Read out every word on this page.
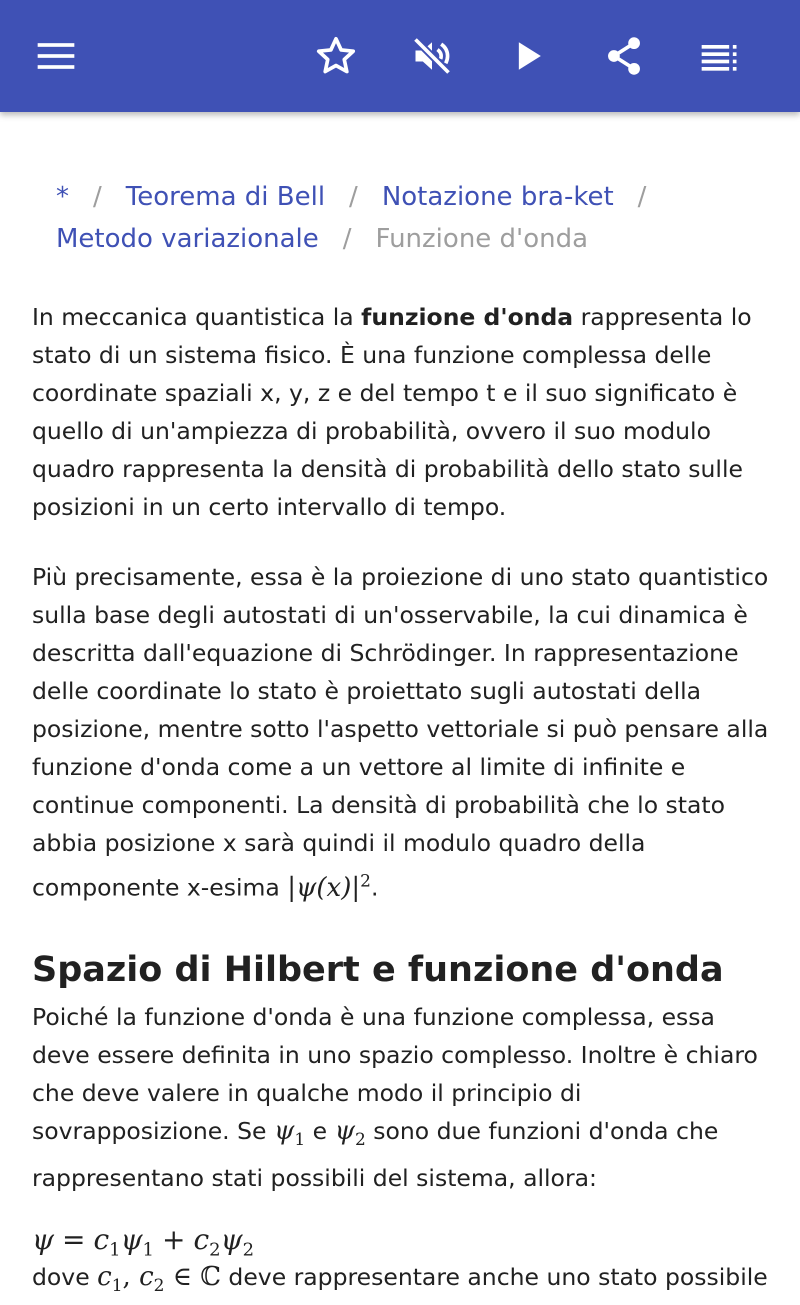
* / Teorema di Bell / Notazione bra-ket /
Metodo variazionale / Funzione d'onda

In meccanica quantistica la funzione d'onda rappresenta lo stato di un sistema fisico. È una funzione complessa delle coordinate spaziali x, y, z e del tempo t e il suo significato è quello di un'ampiezza di probabilità, ovvero il suo modulo quadro rappresenta la densità di probabilità dello stato sulle posizioni in un certo intervallo di tempo.

Più precisamente, essa è la proiezione di uno stato quantistico sulla base degli autostati di un'osservabile, la cui dinamica è descritta dall'equazione di Schrödinger. In rappresentazione delle coordinate lo stato è proiettato sugli autostati della posizione, mentre sotto l'aspetto vettoriale si può pensare alla funzione d'onda come a un vettore al limite di infinite e continue componenti. La densità di probabilità che lo stato abbia posizione x sarà quindi il modulo quadro della componente x-esima $|\psi(x)|^2$.

Spazio di Hilbert e funzione d'onda

Poiché la funzione d'onda è una funzione complessa, essa deve essere definita in uno spazio complesso. Inoltre è chiaro che deve valere in qualche modo il principio di sovrapposizione. Se $\psi_1$ e $\psi_2$ sono due funzioni d'onda che rappresentano stati possibili del sistema, allora:

$\psi = c_1\psi_1 + c_2\psi_2$

dove $c_1$, $c_2$ ∈ ℂ deve rappresentare anche uno stato possibile
